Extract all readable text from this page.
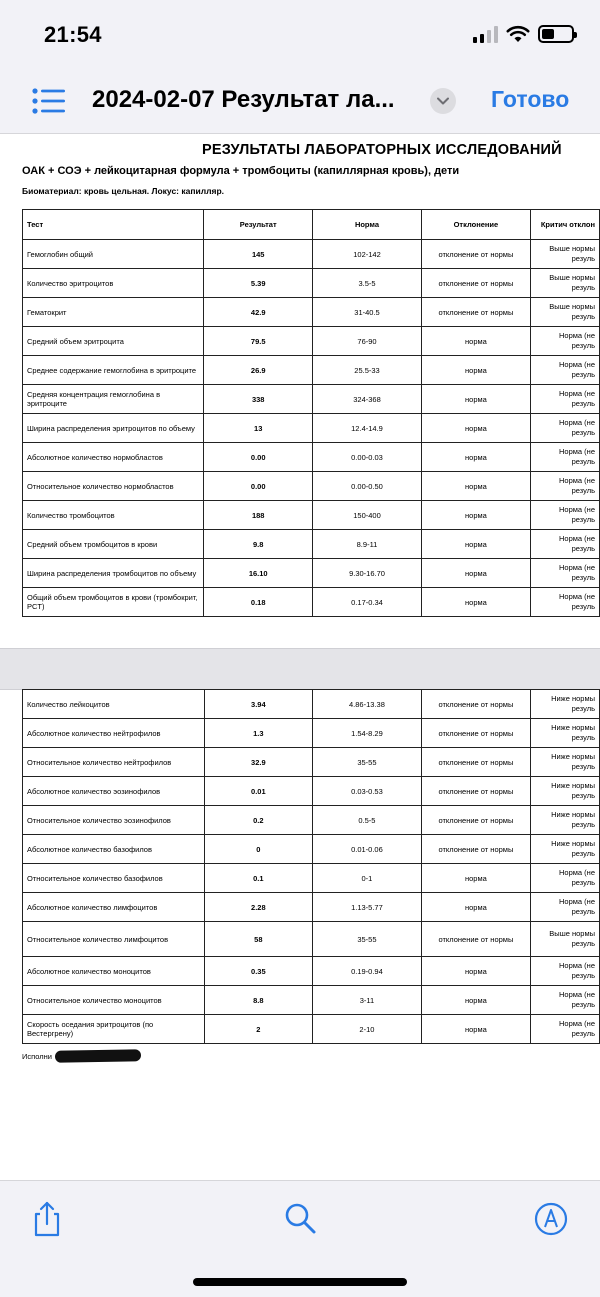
21:54
2024-02-07 Результат ла...	Готово
РЕЗУЛЬТАТЫ ЛАБОРАТОРНЫХ ИССЛЕДОВАНИЙ
ОАК + СОЭ + лейкоцитарная формула + тромбоциты (капиллярная кровь), дети
Биоматериал: кровь цельная. Локус: капилляр.
Тест	Результат	Норма	Отклонение	Критич отклон
Гемоглобин общий	145	102-142	отклонение от нормы	Выше нормы резуль
Количество эритроцитов	5.39	3.5-5	отклонение от нормы	Выше нормы резуль
Гематокрит	42.9	31-40.5	отклонение от нормы	Выше нормы резуль
Средний объем эритроцита	79.5	76-90	норма	Норма (не резуль
Среднее содержание гемоглобина в эритроците	26.9	25.5-33	норма	Норма (не резуль
Средняя концентрация гемоглобина в эритроците	338	324-368	норма	Норма (не резуль
Ширина распределения эритроцитов по объему	13	12.4-14.9	норма	Норма (не резуль
Абсолютное количество нормобластов	0.00	0.00-0.03	норма	Норма (не резуль
Относительное количество нормобластов	0.00	0.00-0.50	норма	Норма (не резуль
Количество тромбоцитов	188	150-400	норма	Норма (не резуль
Средний объем тромбоцитов в крови	9.8	8.9-11	норма	Норма (не резуль
Ширина распределения тромбоцитов по объему	16.10	9.30-16.70	норма	Норма (не резуль
Общий объем тромбоцитов в крови (тромбокрит, PCT)	0.18	0.17-0.34	норма	Норма (не резуль
Количество лейкоцитов	3.94	4.86-13.38	отклонение от нормы	Ниже нормы резуль
Абсолютное количество нейтрофилов	1.3	1.54-8.29	отклонение от нормы	Ниже нормы резуль
Относительное количество нейтрофилов	32.9	35-55	отклонение от нормы	Ниже нормы резуль
Абсолютное количество эозинофилов	0.01	0.03-0.53	отклонение от нормы	Ниже нормы резуль
Относительное количество эозинофилов	0.2	0.5-5	отклонение от нормы	Ниже нормы резуль
Абсолютное количество базофилов	0	0.01-0.06	отклонение от нормы	Ниже нормы резуль
Относительное количество базофилов	0.1	0-1	норма	Норма (не резуль
Абсолютное количество лимфоцитов	2.28	1.13-5.77	норма	Норма (не резуль
Относительное количество лимфоцитов	58	35-55	отклонение от нормы	Выше нормы резуль
Абсолютное количество моноцитов	0.35	0.19-0.94	норма	Норма (не резуль
Относительное количество моноцитов	8.8	3-11	норма	Норма (не резуль
Скорость оседания эритроцитов (по Вестергрену)	2	2-10	норма	Норма (не резуль
Исполни
